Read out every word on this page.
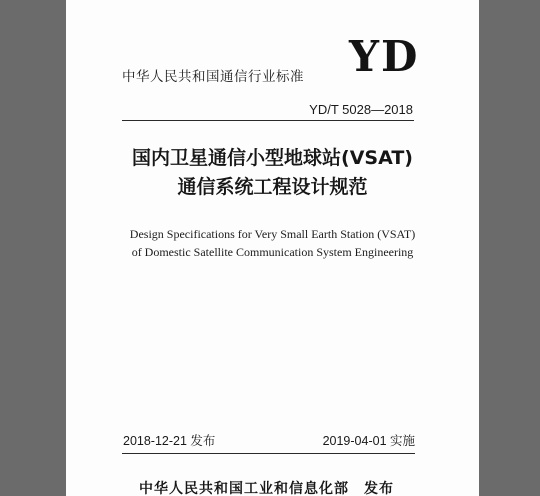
YD
中华人民共和国通信行业标准
YD/T 5028—2018
国内卫星通信小型地球站(VSAT)
通信系统工程设计规范
Design Specifications for Very Small Earth Station (VSAT)
of Domestic Satellite Communication System Engineering
2018-12-21 发布	2019-04-01 实施
中华人民共和国工业和信息化部　发布
